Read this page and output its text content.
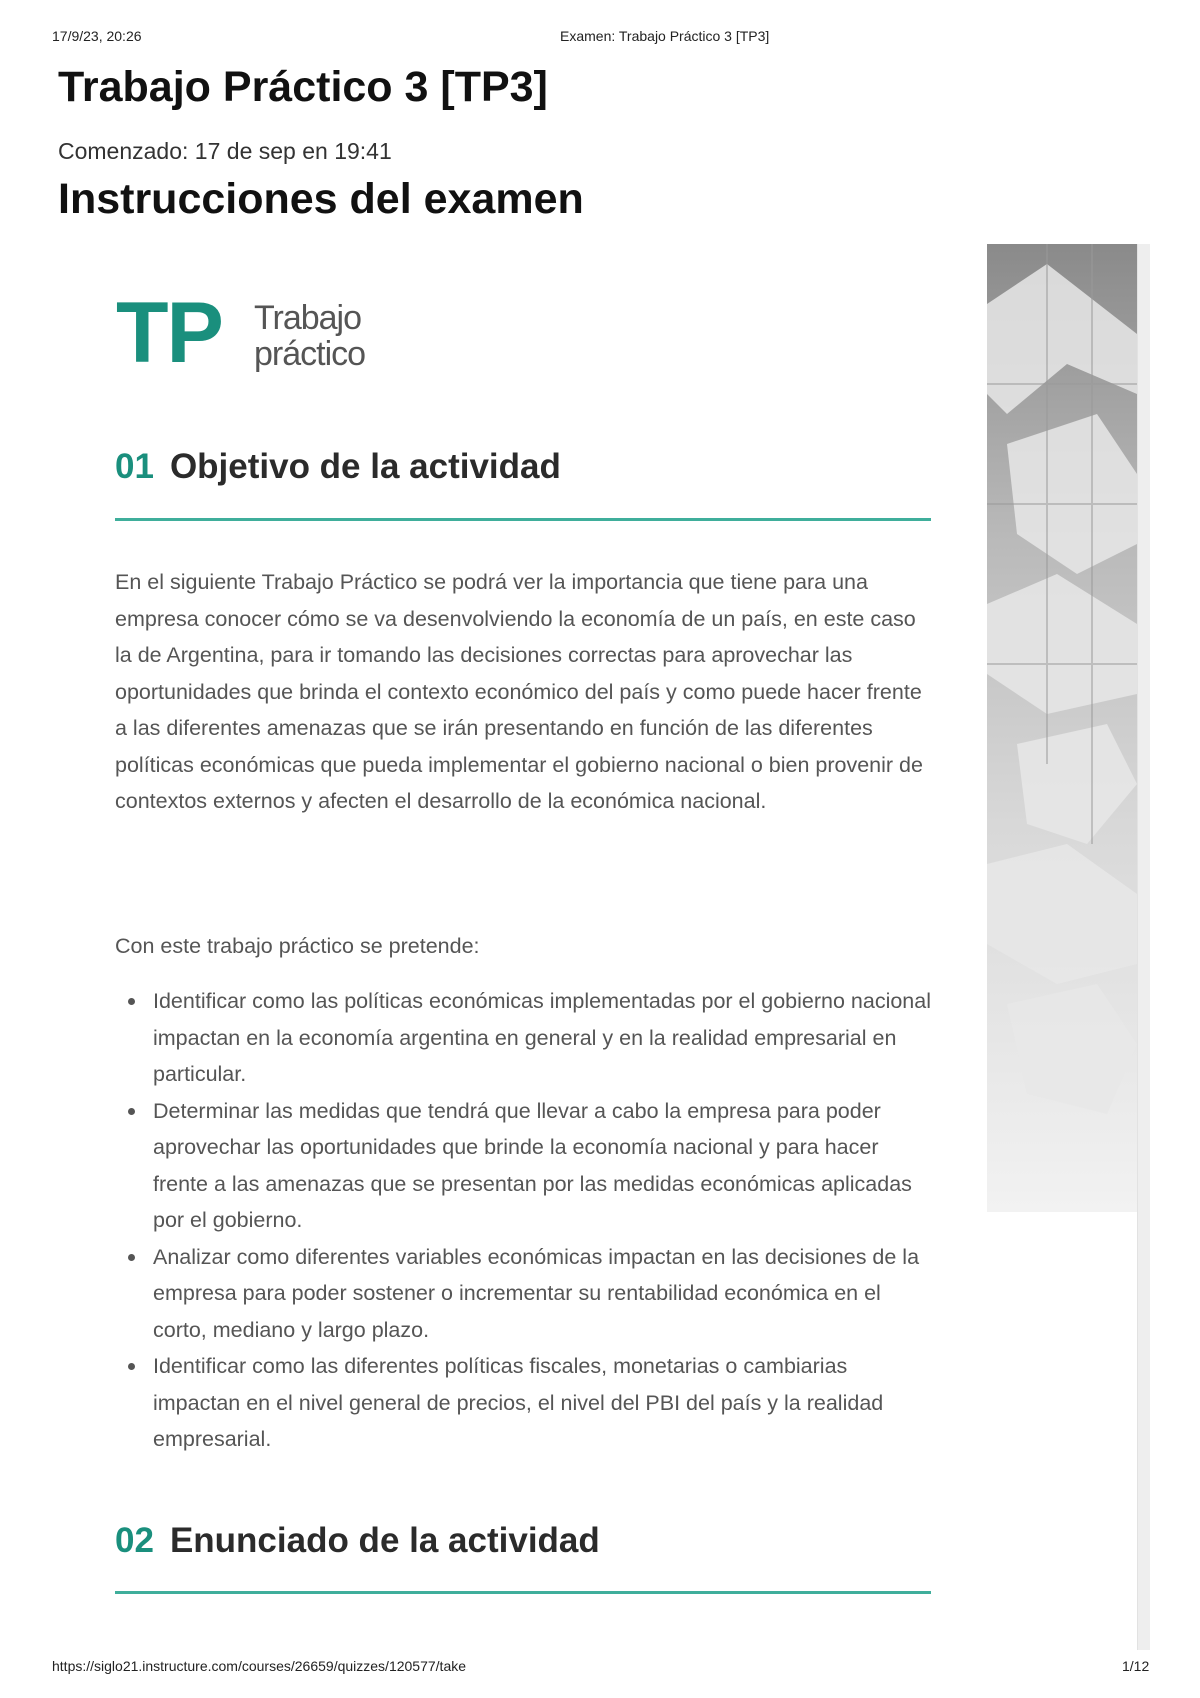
17/9/23, 20:26	Examen: Trabajo Práctico 3 [TP3]
Trabajo Práctico 3 [TP3]
Comenzado: 17 de sep en 19:41
Instrucciones del examen
TP Trabajo
práctico
01 Objetivo de la actividad

En el siguiente Trabajo Práctico se podrá ver la importancia que tiene para una empresa conocer cómo se va desenvolviendo la economía de un país, en este caso la de Argentina, para ir tomando las decisiones correctas para aprovechar las oportunidades que brinda el contexto económico del país y como puede hacer frente a las diferentes amenazas que se irán presentando en función de las diferentes políticas económicas que pueda implementar el gobierno nacional o bien provenir de contextos externos y afecten el desarrollo de la económica nacional.

Con este trabajo práctico se pretende:

Identificar como las políticas económicas implementadas por el gobierno nacional impactan en la economía argentina en general y en la realidad empresarial en particular.
Determinar las medidas que tendrá que llevar a cabo la empresa para poder aprovechar las oportunidades que brinde la economía nacional y para hacer frente a las amenazas que se presentan por las medidas económicas aplicadas por el gobierno.
Analizar como diferentes variables económicas impactan en las decisiones de la empresa para poder sostener o incrementar su rentabilidad económica en el corto, mediano y largo plazo.
Identificar como las diferentes políticas fiscales, monetarias o cambiarias impactan en el nivel general de precios, el nivel del PBI del país y la realidad empresarial.
02 Enunciado de la actividad
https://siglo21.instructure.com/courses/26659/quizzes/120577/take	1/12
